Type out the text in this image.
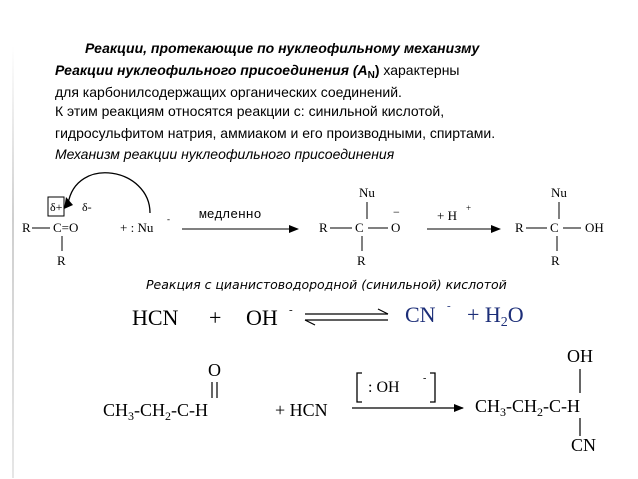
Реакции, протекающие по нуклеофильному механизму
Реакции нуклеофильного присоединения $(A_N)$ характерны
для карбонилсодержащих органических соединений.
К этим реакциям относятся реакции с: синильной кислотой,
гидросульфитом натрия, аммиаком и его производными, спиртами.
Механизм реакции нуклеофильного присоединения
δ+ δ-
R C=O
R
+ : Nu
- медленно
Nu
R C O
−
R
+ H +
Nu
R C OH
R
HCN + OH -	CN - + H2O
O
$CH_3-CH_2-C-H$	+ HCN
: OH
-
OH
$CH_3-CH_2-C-H$
CN
Реакция с цианистоводородной (синильной) кислотой
